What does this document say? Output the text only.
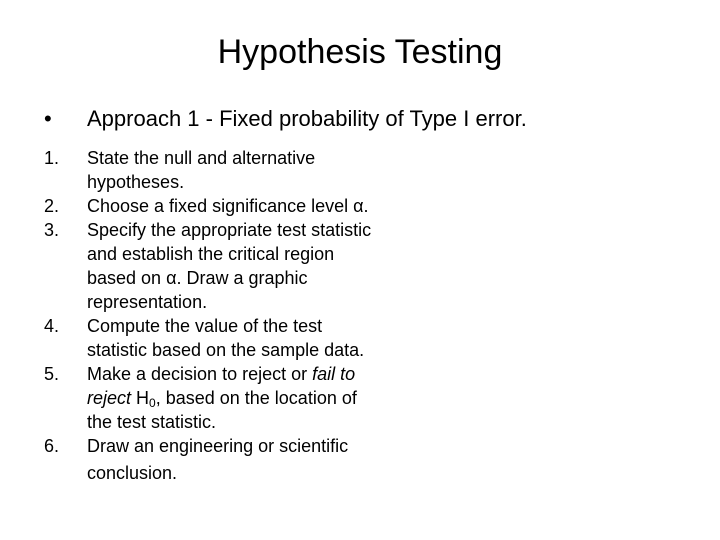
Hypothesis Testing
•	Approach 1 - Fixed probability of Type I error.
1.	State the null and alternative
hypotheses.
2.	Choose a fixed significance level α.
3.	Specify the appropriate test statistic
and establish the critical region
based on α. Draw a graphic
representation.
4.	Compute the value of the test
statistic based on the sample data.
5.	Make a decision to reject or fail to
reject $H_0$, based on the location of
the test statistic.
6.	Draw an engineering or scientific
conclusion.
